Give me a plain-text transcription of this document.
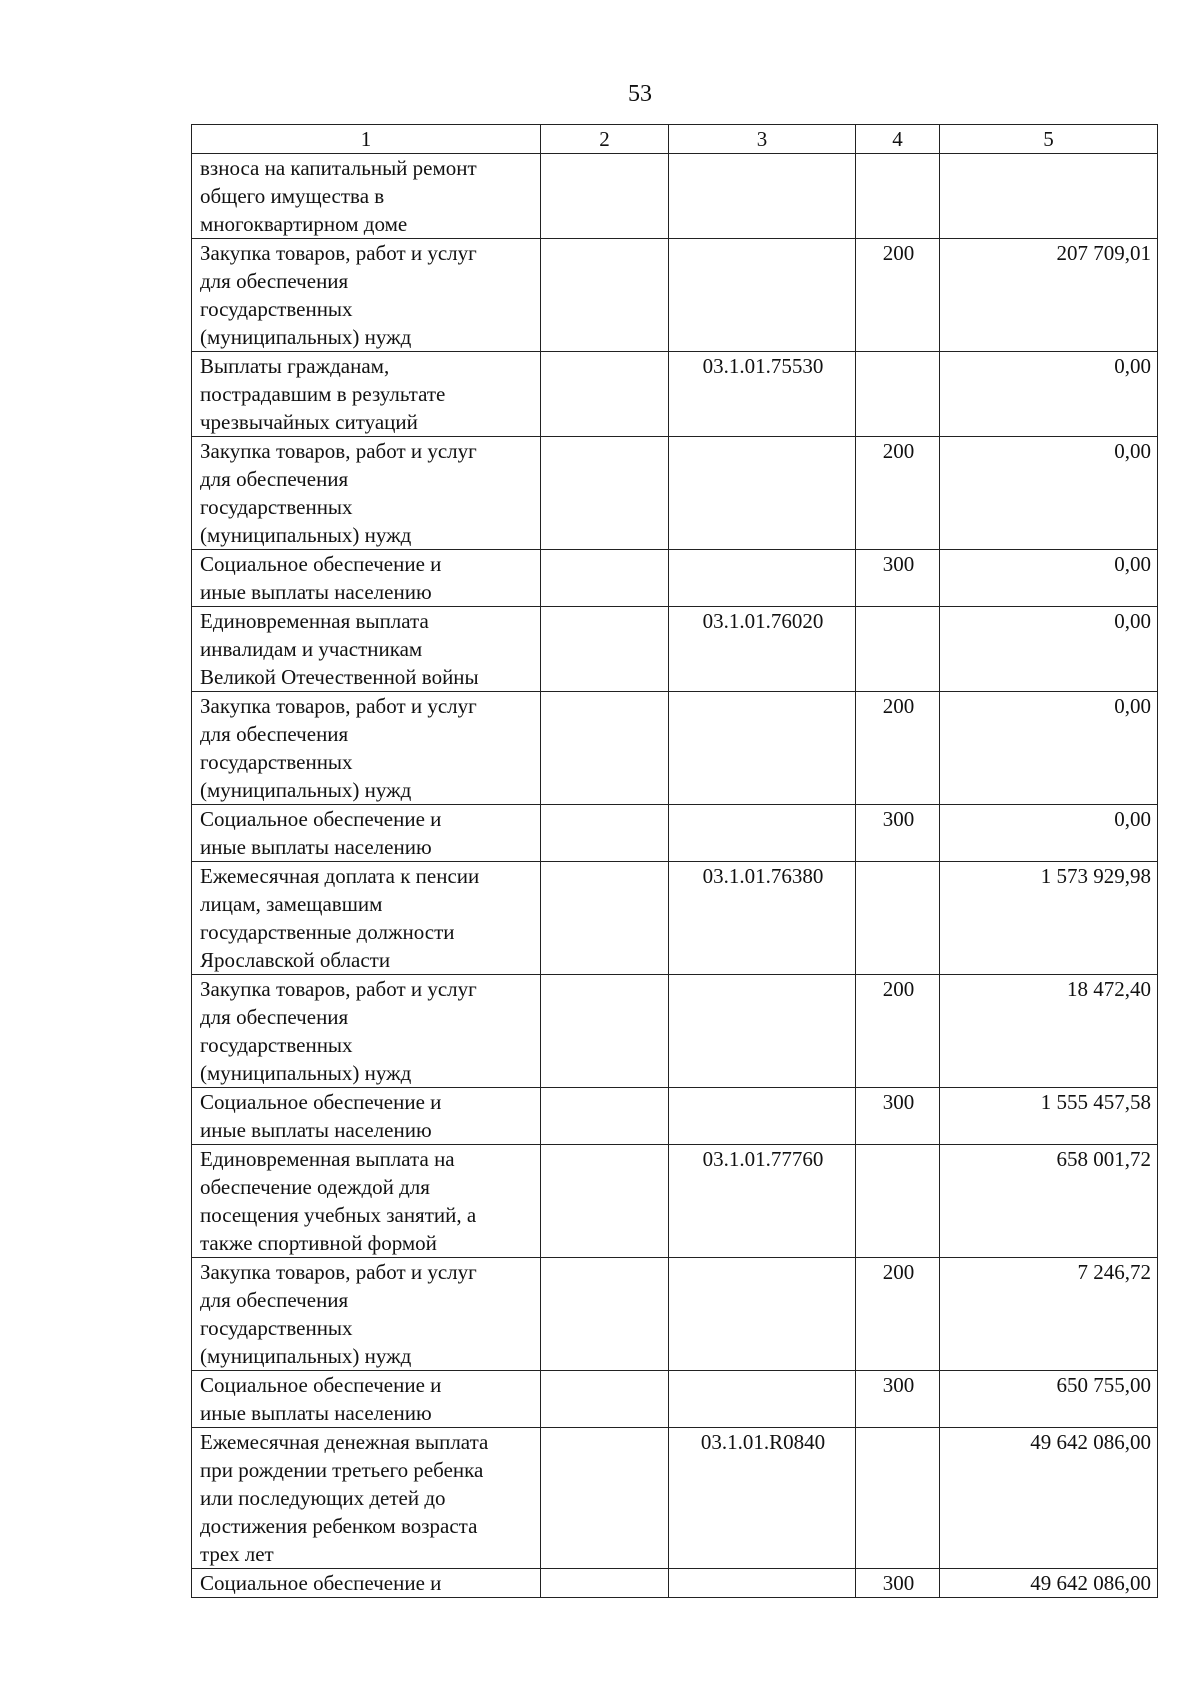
53
1	2	3	4	5

взноса на капитальный ремонт
общего имущества в
многоквартирном доме				

Закупка товаров, работ и услуг
для обеспечения
государственных
(муниципальных) нужд			200	207 709,01

Выплаты гражданам,
пострадавшим в результате
чрезвычайных ситуаций		03.1.01.75530		0,00

Закупка товаров, работ и услуг
для обеспечения
государственных
(муниципальных) нужд			200	0,00

Социальное обеспечение и
иные выплаты населению			300	0,00

Единовременная выплата
инвалидам и участникам
Великой Отечественной войны		03.1.01.76020		0,00

Закупка товаров, работ и услуг
для обеспечения
государственных
(муниципальных) нужд			200	0,00

Социальное обеспечение и
иные выплаты населению			300	0,00

Ежемесячная доплата к пенсии
лицам, замещавшим
государственные должности
Ярославской области		03.1.01.76380		1 573 929,98

Закупка товаров, работ и услуг
для обеспечения
государственных
(муниципальных) нужд			200	18 472,40

Социальное обеспечение и
иные выплаты населению			300	1 555 457,58

Единовременная выплата на
обеспечение одеждой для
посещения учебных занятий, а
также спортивной формой		03.1.01.77760		658 001,72

Закупка товаров, работ и услуг
для обеспечения
государственных
(муниципальных) нужд			200	7 246,72

Социальное обеспечение и
иные выплаты населению			300	650 755,00

Ежемесячная денежная выплата
при рождении третьего ребенка
или последующих детей до
достижения ребенком возраста
трех лет		03.1.01.R0840		49 642 086,00

Социальное обеспечение и			300	49 642 086,00
